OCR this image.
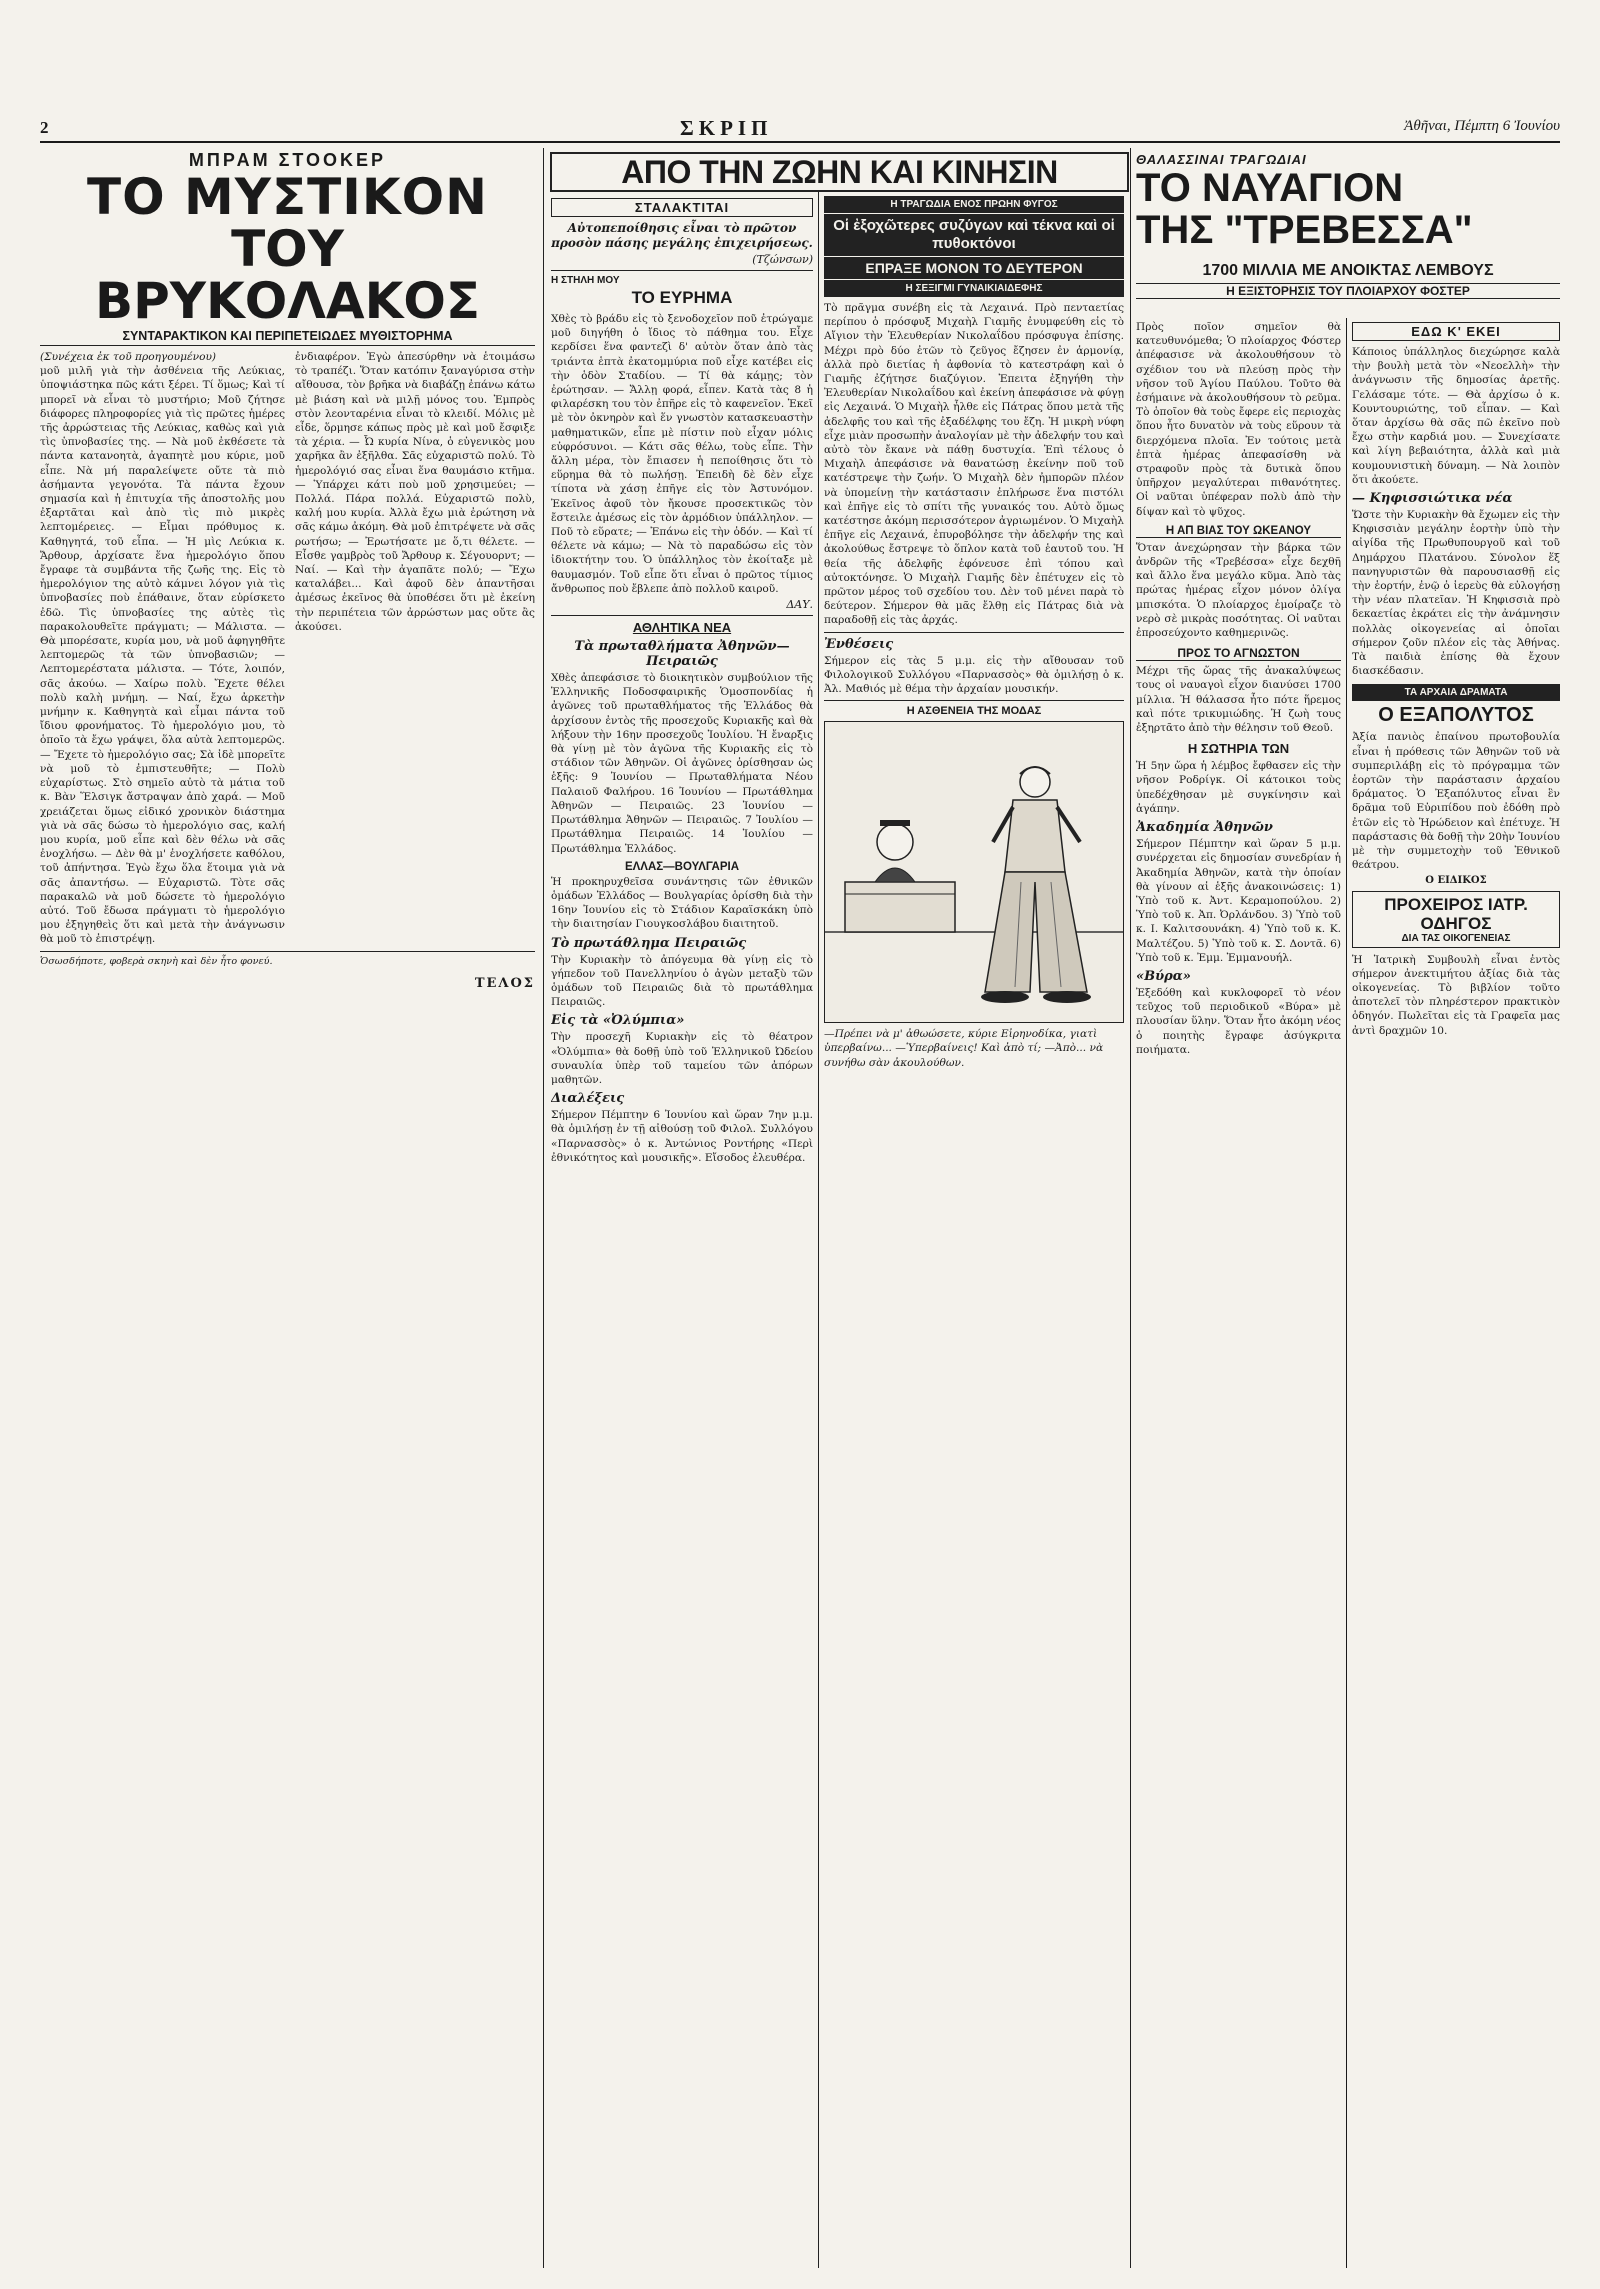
2	ΣΚΡΙΠ	Ἀθῆναι, Πέμπτη 6 Ἰουνίου
ΜΠΡΑΜ ΣΤΟΟΚΕΡ
ΤΟ ΜΥΣΤΙΚΟΝ
ΤΟΥ ΒΡΥΚΟΛΑΚΟΣ
ΣΥΝΤΑΡΑΚΤΙΚΟΝ ΚΑΙ ΠΕΡΙΠΕΤΕΙΩΔΕΣ ΜΥΘΙΣΤΟΡΗΜΑ
(Συνέχεια ἐκ τοῦ προηγουμένου)
μοῦ μιλῆ γιὰ τὴν ἀσθένεια τῆς Λεύκιας, ὑποψιάστηκα πῶς κάτι ξέρει. Τί ὅμως; Καὶ τί μπορεῖ νὰ εἶναι τὸ μυστήριο; Μοῦ ζήτησε διάφορες πληροφορίες γιὰ τὶς πρῶτες ἡμέρες τῆς ἀρρώστειας τῆς Λεύκιας, καθὼς καὶ γιὰ τὶς ὑπνοβασίες της. — Νὰ μοῦ ἐκθέσετε τὰ πάντα κατανοητὰ, ἀγαπητὲ μου κύριε, μοῦ εἶπε. Νὰ μή παραλείψετε οὔτε τὰ πιὸ ἀσήμαντα γεγονότα. Τὰ πάντα ἔχουν σημασία καὶ ἡ ἐπιτυχία τῆς ἀποστολῆς μου ἐξαρτᾶται καὶ ἀπὸ τὶς πιὸ μικρὲς λεπτομέρειες. — Εἶμαι πρόθυμος κ. Καθηγητά, τοῦ εἶπα. — Ἡ μὶς Λεύκια κ. Ἄρθουρ, ἀρχίσατε ἕνα ἡμερολόγιο ὅπου ἔγραφε τὰ συμβάντα τῆς ζωῆς της. Εἰς τὸ ἡμερολόγιον της αὐτὸ κάμνει λόγον γιὰ τὶς ὑπνοβασίες ποὺ ἐπάθαινε, ὅταν εὑρίσκετο ἐδῶ. Τὶς ὑπνοβασίες της αὐτὲς τὶς παρακολουθεῖτε πράγματι; — Μάλιστα. — Θὰ μπορέσατε, κυρία μου, νὰ μοῦ ἀφηγηθῆτε λεπτομερῶς τὰ τῶν ὑπνοβασιῶν; — Λεπτομερέστατα μάλιστα. — Τότε, λοιπόν, σᾶς ἀκούω. — Χαίρω πολὺ. Ἔχετε θέλει πολὺ καλὴ μνήμη. — Ναί, ἔχω ἀρκετὴν μνήμην κ. Καθηγητὰ καὶ εἶμαι πάντα τοῦ ἴδιου φρονήματος. Τὸ ἡμερολόγιο μου, τὸ ὁποῖο τὰ ἔχω γράψει, ὅλα αὐτὰ λεπτομερῶς. — Ἔχετε τὸ ἡμερολόγιο σας; Σὰ ἰδὲ μπορεῖτε νὰ μοῦ τὸ ἐμπιστευθῆτε; — Πολὺ εὐχαρίστως. Στὸ σημεῖο αὐτὸ τὰ μάτια τοῦ κ. Βὰν Ἕλσιγκ ἄστραψαν ἀπὸ χαρά. — Μοῦ χρειάζεται ὅμως εἰδικό χρονικὸν διάστημα γιὰ νὰ σᾶς δώσω τὸ ἡμερολόγιο σας, καλή μου κυρία, μοῦ εἶπε καὶ δὲν θέλω νὰ σᾶς ἐνοχλήσω. — Δὲν θὰ μ' ἐνοχλήσετε καθόλου, τοῦ ἀπήντησα. Ἐγὼ ἔχω ὅλα ἕτοιμα γιὰ νὰ σᾶς ἀπαντήσω. — Εὐχαριστῶ. Τὸτε σᾶς παρακαλῶ νὰ μοῦ δώσετε τὸ ἡμερολόγιο αὐτό. Τοῦ ἔδωσα πράγματι τὸ ἡμερολόγιο μου ἐξηγηθεὶς ὅτι καὶ μετὰ τὴν ἀνάγνωσιν θὰ μοῦ τὸ ἐπιστρέψῃ.
ἐνδιαφέρον. Ἐγὼ ἀπεσύρθην νὰ ἑτοιμάσω τὸ τραπέζι. Ὅταν κατόπιν ξαναγύρισα στὴν αἴθουσα, τὸν βρῆκα νὰ διαβάζῃ ἐπάνω κάτω μὲ βιάση καὶ νὰ μιλῇ μόνος του. Ἐμπρὸς στὸν λεονταρένια εἶναι τὸ κλειδί. Μόλις μὲ εἶδε, ὅρμησε κάπως πρὸς μὲ καὶ μοῦ ἔσφιξε τὰ χέρια. — Ὦ κυρία Νίνα, ὁ εὐγενικὸς μου χαρῆκα ἂν ἐξῆλθα. Σᾶς εὐχαριστῶ πολύ. Τὸ ἡμερολόγιό σας εἶναι ἕνα θαυμάσιο κτῆμα. — Ὑπάρχει κάτι ποὺ μοῦ χρησιμεύει; — Πολλά. Πάρα πολλά. Εὐχαριστῶ πολὺ, καλή μου κυρία. Ἀλλὰ ἔχω μιὰ ἐρώτηση νὰ σᾶς κάμω ἀκόμη. Θὰ μοῦ ἐπιτρέψετε νὰ σᾶς ρωτήσω; — Ἐρωτήσατε με ὅ,τι θέλετε. — Εἶσθε γαμβρὸς τοῦ Ἄρθουρ κ. Σέγουορντ; — Ναί. — Καὶ τὴν ἀγαπᾶτε πολύ; — Ἔχω καταλάβει... Καὶ ἀφοῦ δὲν ἀπαντῆσαι ἀμέσως ἐκεῖνος θὰ ὑποθέσει ὅτι μὲ ἐκείνη τὴν περιπέτεια τῶν ἀρρώστων μας οὔτε ἂς ἀκούσει.
Ὁσωσδήποτε, φοβερὰ σκηνὴ καὶ δὲν ἦτο φονεύ.
ΤΕΛΟΣ
ΑΠΟ ΤΗΝ ΖΩΗΝ ΚΑΙ ΚΙΝΗΣΙΝ
ΣΤΑΛΑΚΤΙΤΑΙ
Αὐτοπεποίθησις εἶναι τὸ πρῶτον προσὸν πάσης μεγάλης ἐπιχειρήσεως.
(Τζώνσων)
Η ΣΤΗΛΗ ΜΟΥ
ΤΟ ΕΥΡΗΜΑ
Χθὲς τὸ βράδυ εἰς τὸ ξενοδοχεῖον ποῦ ἐτρώγαμε μοῦ διηγήθη ὁ ἴδιος τὸ πάθημα του. Εἶχε κερδίσει ἕνα φαντεζὶ δ' αὐτὸν ὅταν ἀπὸ τὰς τριάντα ἑπτὰ ἐκατομμύρια ποῦ εἶχε κατέβει εἰς τὴν ὁδὸν Σταδίου. — Τί θὰ κάμῃς; τὸν ἐρώτησαν. — Ἄλλῃ φορά, εἶπεν. Κατὰ τὰς 8 ἡ φιλαρέσκη του τὸν ἐπῆρε εἰς τὸ καφενεῖον. Ἐκεῖ μὲ τὸν ὀκνηρὸν καὶ ἕν γνωστὸν κατασκευαστὴν μαθηματικῶν, εἶπε μὲ πίστιν ποὺ εἶχαν μόλις εὐφρόσυνοι. — Κάτι σᾶς θέλω, τοὺς εἶπε. Τὴν ἄλλη μέρα, τὸν ἔπιασεν ἡ πεποίθησις ὅτι τὸ εὕρημα θὰ τὸ πωλήσῃ. Ἐπειδὴ δὲ δὲν εἶχε τίποτα νὰ χάσῃ ἐπῆγε εἰς τὸν Ἀστυνόμον. Ἐκεῖνος ἀφοῦ τὸν ἤκουσε προσεκτικῶς τὸν ἔστειλε ἀμέσως εἰς τὸν ἀρμόδιον ὑπάλληλον. — Ποῦ τὸ εὕρατε; — Ἐπάνω εἰς τὴν ὁδόν. — Καὶ τί θέλετε νὰ κάμω; — Νὰ τὸ παραδώσω εἰς τὸν ἰδιοκτήτην του. Ὁ ὑπάλληλος τὸν ἐκοίταξε μὲ θαυμασμόν. Τοῦ εἶπε ὅτι εἶναι ὁ πρῶτος τίμιος ἄνθρωπος ποὺ ἔβλεπε ἀπὸ πολλοῦ καιροῦ.
ΔΑΥ.
ΑΘΛΗΤΙΚΑ ΝΕΑ
Τὰ πρωταθλήματα Ἀθηνῶν—Πειραιῶς
Χθὲς ἀπεφάσισε τὸ διοικητικὸν συμβούλιον τῆς Ἑλληνικῆς Ποδοσφαιρικῆς Ὁμοσπονδίας ἡ ἀγῶνες τοῦ πρωταθλήματος τῆς Ἑλλάδος θὰ ἀρχίσουν ἐντὸς τῆς προσεχοῦς Κυριακῆς καὶ θὰ λήξουν τὴν 16ην προσεχοῦς Ἰουλίου. Ἡ ἔναρξις θὰ γίνῃ μὲ τὸν ἀγῶνα τῆς Κυριακῆς εἰς τὸ στάδιον τῶν Ἀθηνῶν. Οἱ ἀγῶνες ὁρίσθησαν ὡς ἑξῆς: 9 Ἰουνίου — Πρωταθλήματα Νέου Παλαιοῦ Φαλήρου. 16 Ἰουνίου — Πρωτάθλημα Ἀθηνῶν — Πειραιῶς. 23 Ἰουνίου — Πρωτάθλημα Ἀθηνῶν — Πειραιῶς. 7 Ἰουλίου — Πρωτάθλημα Πειραιῶς. 14 Ἰουλίου — Πρωτάθλημα Ἑλλάδος.
ΕΛΛΑΣ—ΒΟΥΛΓΑΡΙΑ
Ἡ προκηρυχθεῖσα συνάντησις τῶν ἐθνικῶν ὁμάδων Ἑλλάδος — Βουλγαρίας ὁρίσθη διὰ τὴν 16ην Ἰουνίου εἰς τὸ Στάδιον Καραϊσκάκη ὑπὸ τὴν διαιτησίαν Γιουγκοσλάβου διαιτητοῦ.
Τὸ πρωτάθλημα Πειραιῶς
Τὴν Κυριακὴν τὸ ἀπόγευμα θὰ γίνῃ εἰς τὸ γήπεδον τοῦ Πανελληνίου ὁ ἀγὼν μεταξὺ τῶν ὁμάδων τοῦ Πειραιῶς διὰ τὸ πρωτάθλημα Πειραιῶς.
Εἰς τὰ «Ὀλύμπια»
Τὴν προσεχῆ Κυριακὴν εἰς τὸ θέατρον «Ὀλύμπια» θὰ δοθῇ ὑπὸ τοῦ Ἑλληνικοῦ Ὠδείου συναυλία ὑπὲρ τοῦ ταμείου τῶν ἀπόρων μαθητῶν.
Διαλέξεις
Σήμερον Πέμπτην 6 Ἰουνίου καὶ ὥραν 7ην μ.μ. θὰ ὁμιλήσῃ ἐν τῇ αἰθούσῃ τοῦ Φιλολ. Συλλόγου «Παρνασσὸς» ὁ κ. Ἀντώνιος Ροντήρης «Περὶ ἐθνικότητος καὶ μουσικῆς». Εἴσοδος ἐλευθέρα.
Η ΤΡΑΓΩΔΙΑ ΕΝΟΣ ΠΡΩΗΝ ΦΥΓΟΣ
Οἱ ἐξοχῶτερες συζύγων καὶ τέκνα καὶ οἱ πυθοκτόνοι
ΕΠΡΑΞΕ ΜΟΝΟΝ ΤΟ ΔΕΥΤΕΡΟΝ
Η ΣΕΞΙΓΜΙ ΓΥΝΑΙΚΙΑΙΔΕΦΗΣ
Τὸ πρᾶγμα συνέβη εἰς τὰ Λεχαινά. Πρὸ πενταετίας περίπου ὁ πρόσφυξ Μιχαὴλ Γιαμῆς ἐνυμφεύθη εἰς τὸ Αἴγιον τὴν Ἐλευθερίαν Νικολαΐδου πρόσφυγα ἐπίσης. Μέχρι πρὸ δύο ἐτῶν τὸ ζεῦγος ἔζησεν ἐν ἁρμονίᾳ, ἀλλὰ πρὸ διετίας ἡ ἀφθονία τὸ κατεστράφη καὶ ὁ Γιαμῆς ἐζήτησε διαζύγιον. Ἐπειτα ἐξηγήθη τὴν Ἐλευθερίαν Νικολαΐδου καὶ ἐκείνη ἀπεφάσισε νὰ φύγῃ εἰς Λεχαινά. Ὁ Μιχαὴλ ἦλθε εἰς Πάτρας ὅπου μετὰ τῆς ἀδελφῆς του καὶ τῆς ἐξαδέλφης του ἔζη. Ἡ μικρὴ νύφη εἶχε μιὰν προσωπὴν ἀναλογίαν μὲ τὴν ἀδελφήν του καὶ αὐτὸ τὸν ἔκανε νὰ πάθῃ δυστυχία. Ἐπὶ τέλους ὁ Μιχαὴλ ἀπεφάσισε νὰ θανατώσῃ ἐκείνην ποῦ τοῦ κατέστρεψε τὴν ζωήν. Ὁ Μιχαὴλ δὲν ἠμπορῶν πλέον νὰ ὑπομείνῃ τὴν κατάστασιν ἐπλήρωσε ἕνα πιστόλι καὶ ἐπῆγε εἰς τὸ σπίτι τῆς γυναικός του. Αὐτὸ ὅμως κατέστησε ἀκόμη περισσότερον ἀγριωμένον. Ὁ Μιχαὴλ ἐπῆγε εἰς Λεχαινά, ἐπυροβόλησε τὴν ἀδελφήν της καὶ ἀκολούθως ἔστρεψε τὸ ὅπλον κατὰ τοῦ ἑαυτοῦ του. Ἡ θεία τῆς ἀδελφῆς ἐφόνευσε ἐπὶ τόπου καὶ αὐτοκτόνησε. Ὁ Μιχαὴλ Γιαμῆς δὲν ἐπέτυχεν εἰς τὸ πρῶτον μέρος τοῦ σχεδίου του. Δὲν τοῦ μένει παρὰ τὸ δεύτερον. Σήμερον θὰ μᾶς ἔλθῃ εἰς Πάτρας διὰ νὰ παραδοθῇ εἰς τὰς ἀρχάς.
Ἐνθέσεις
Σήμερον εἰς τὰς 5 μ.μ. εἰς τὴν αἴθουσαν τοῦ Φιλολογικοῦ Συλλόγου «Παρνασσὸς» θὰ ὁμιλήσῃ ὁ κ. Ἀλ. Μαθιός μὲ θέμα τὴν ἀρχαίαν μουσικήν.
Η ΑΣΘΕΝΕΙΑ ΤΗΣ ΜΟΔΑΣ
—Πρέπει νὰ μ' ἀθωώσετε, κύριε Εἰρηνοδίκα, γιατὶ ὑπερβαίνω... —Ὑπερβαίνεις! Καὶ ἀπὸ τί; —Ἀπὸ... νὰ συνήθω σὰν ἀκουλούθων.
ΘΑΛΑΣΣΙΝΑΙ ΤΡΑΓΩΔΙΑΙ
ΤΟ ΝΑΥΑΓΙΟΝ
ΤΗΣ "ΤΡΕΒΕΣΣΑ"
1700 ΜΙΛΛΙΑ ΜΕ ΑΝΟΙΚΤΑΣ ΛΕΜΒΟΥΣ
Η ΕΞΙΣΤΟΡΗΣΙΣ ΤΟΥ ΠΛΟΙΑΡΧΟΥ ΦΟΣΤΕΡ
Πρὸς ποῖον σημεῖον θὰ κατευθυνόμεθα; Ὁ πλοίαρχος Φόστερ ἀπέφασισε νὰ ἀκολουθήσουν τὸ σχέδιον του νὰ πλεύσῃ πρὸς τὴν νῆσον τοῦ Ἁγίου Παύλου. Τοῦτο θὰ ἐσήμαινε νὰ ἀκολουθήσουν τὸ ρεῦμα. Τὸ ὁποῖον θὰ τοὺς ἔφερε εἰς περιοχὰς ὅπου ἦτο δυνατὸν νὰ τοὺς εὕρουν τὰ διερχόμενα πλοῖα. Ἐν τούτοις μετὰ ἑπτὰ ἡμέρας ἀπεφασίσθη νὰ στραφοῦν πρὸς τὰ δυτικὰ ὅπου ὑπῆρχον μεγαλύτεραι πιθανότητες. Οἱ ναῦται ὑπέφεραν πολὺ ἀπὸ τὴν δίψαν καὶ τὸ ψῦχος.
Η ΑΠ ΒΙΑΣ ΤΟΥ ΩΚΕΑΝΟΥ
Ὅταν ἀνεχώρησαν τὴν βάρκα τῶν ἀνδρῶν τῆς «Τρεβέσσα» εἶχε δεχθῆ καὶ ἄλλο ἕνα μεγάλο κῦμα. Ἀπὸ τὰς πρώτας ἡμέρας εἶχον μόνον ὀλίγα μπισκότα. Ὁ πλοίαρχος ἐμοίραζε τὸ νερὸ σὲ μικρὰς ποσότητας. Οἱ ναῦται ἐπροσεύχοντο καθημερινῶς.
ΠΡΟΣ ΤΟ ΑΓΝΩΣΤΟΝ
Μέχρι τῆς ὥρας τῆς ἀνακαλύψεως τους οἱ ναυαγοὶ εἶχον διανύσει 1700 μίλλια. Ἡ θάλασσα ἦτο πότε ἥρεμος καὶ πότε τρικυμιώδης. Ἡ ζωὴ τους ἐξηρτᾶτο ἀπὸ τὴν θέλησιν τοῦ Θεοῦ.
Η ΣΩΤΗΡΙΑ ΤΩΝ
Ἡ 5ην ὥρα ἡ λέμβος ἔφθασεν εἰς τὴν νῆσον Ροδρίγκ. Οἱ κάτοικοι τοὺς ὑπεδέχθησαν μὲ συγκίνησιν καὶ ἀγάπην.
Ἀκαδημία Ἀθηνῶν
Σήμερον Πέμπτην καὶ ὥραν 5 μ.μ. συνέρχεται εἰς δημοσίαν συνεδρίαν ἡ Ἀκαδημία Ἀθηνῶν, κατὰ τὴν ὁποίαν θὰ γίνουν αἱ ἑξῆς ἀνακοινώσεις: 1) Ὑπὸ τοῦ κ. Ἀντ. Κεραμοπούλου. 2) Ὑπὸ τοῦ κ. Ἀπ. Ὀρλάνδου. 3) Ὑπὸ τοῦ κ. Ι. Καλιτσουνάκη. 4) Ὑπὸ τοῦ κ. Κ. Μαλτέζου. 5) Ὑπὸ τοῦ κ. Σ. Δοντᾶ. 6) Ὑπὸ τοῦ κ. Ἐμμ. Ἐμμανουήλ.
«Βύρα»
Ἐξεδόθη καὶ κυκλοφορεῖ τὸ νέον τεῦχος τοῦ περιοδικοῦ «Βύρα» μὲ πλουσίαν ὕλην. Ὅταν ἦτο ἀκόμη νέος ὁ ποιητὴς ἔγραφε ἀσύγκριτα ποιήματα.
ΕΔΩ Κ' ΕΚΕΙ
Κάποιος ὑπάλληλος διεχώρησε καλὰ τὴν βουλὴ μετὰ τὸν «Νεοελλὴ» τὴν ἀνάγνωσιν τῆς δημοσίας ἀρετῆς. Γελάσαμε τότε. — Θὰ ἀρχίσω ὁ κ. Κουντουριώτης, τοῦ εἶπαν. — Καὶ ὅταν ἀρχίσω θὰ σᾶς πῶ ἐκεῖνο ποὺ ἔχω στὴν καρδιά μου. — Συνεχίσατε καὶ λίγη βεβαιότητα, ἀλλὰ καὶ μιὰ κουμουνιστικὴ δύναμη. — Νὰ λοιπὸν ὅτι ἀκούετε.
— Κηφισσιώτικα νέα
Ὥστε τὴν Κυριακὴν θὰ ἔχωμεν εἰς τὴν Κηφισσιὰν μεγάλην ἑορτὴν ὑπὸ τὴν αἰγίδα τῆς Πρωθυπουργοῦ καὶ τοῦ Δημάρχου Πλατάνου. Σύνολον ἕξ πανηγυριστῶν θὰ παρουσιασθῇ εἰς τὴν ἑορτήν, ἐνῷ ὁ ἱερεὺς θὰ εὐλογήσῃ τὴν νέαν πλατεῖαν. Ἡ Κηφισσιὰ πρὸ δεκαετίας ἐκράτει εἰς τὴν ἀνάμνησιν πολλὰς οἰκογενείας αἱ ὁποῖαι σήμερον ζοῦν πλέον εἰς τὰς Ἀθήνας. Τὰ παιδιὰ ἐπίσης θὰ ἔχουν διασκέδασιν.
ΤΑ ΑΡΧΑΙΑ ΔΡΑΜΑΤΑ
Ο ΕΞΑΠΟΛΥΤΟΣ
Ἀξία πανιὸς ἐπαίνου πρωτοβουλία εἶναι ἡ πρόθεσις τῶν Ἀθηνῶν τοῦ νὰ συμπεριλάβῃ εἰς τὸ πρόγραμμα τῶν ἑορτῶν τὴν παράστασιν ἀρχαίου δράματος. Ὁ Ἐξαπόλυτος εἶναι ἓν δρᾶμα τοῦ Εὐριπίδου ποὺ ἐδόθη πρὸ ἐτῶν εἰς τὸ Ἡρώδειον καὶ ἐπέτυχε. Ἡ παράστασις θὰ δοθῇ τὴν 20ὴν Ἰουνίου μὲ τὴν συμμετοχὴν τοῦ Ἐθνικοῦ θεάτρου.
Ο ΕΙΔΙΚΟΣ
ΠΡΟΧΕΙΡΟΣ ΙΑΤΡ. ΟΔΗΓΟΣ
ΔΙΑ ΤΑΣ ΟΙΚΟΓΕΝΕΙΑΣ
Ἡ Ἰατρικὴ Συμβουλὴ εἶναι ἐντὸς σήμερον ἀνεκτιμήτου ἀξίας διὰ τὰς οἰκογενείας. Τὸ βιβλίον τοῦτο ἀποτελεῖ τὸν πληρέστερον πρακτικὸν ὁδηγόν. Πωλεῖται εἰς τὰ Γραφεῖα μας ἀντὶ δραχμῶν 10.
